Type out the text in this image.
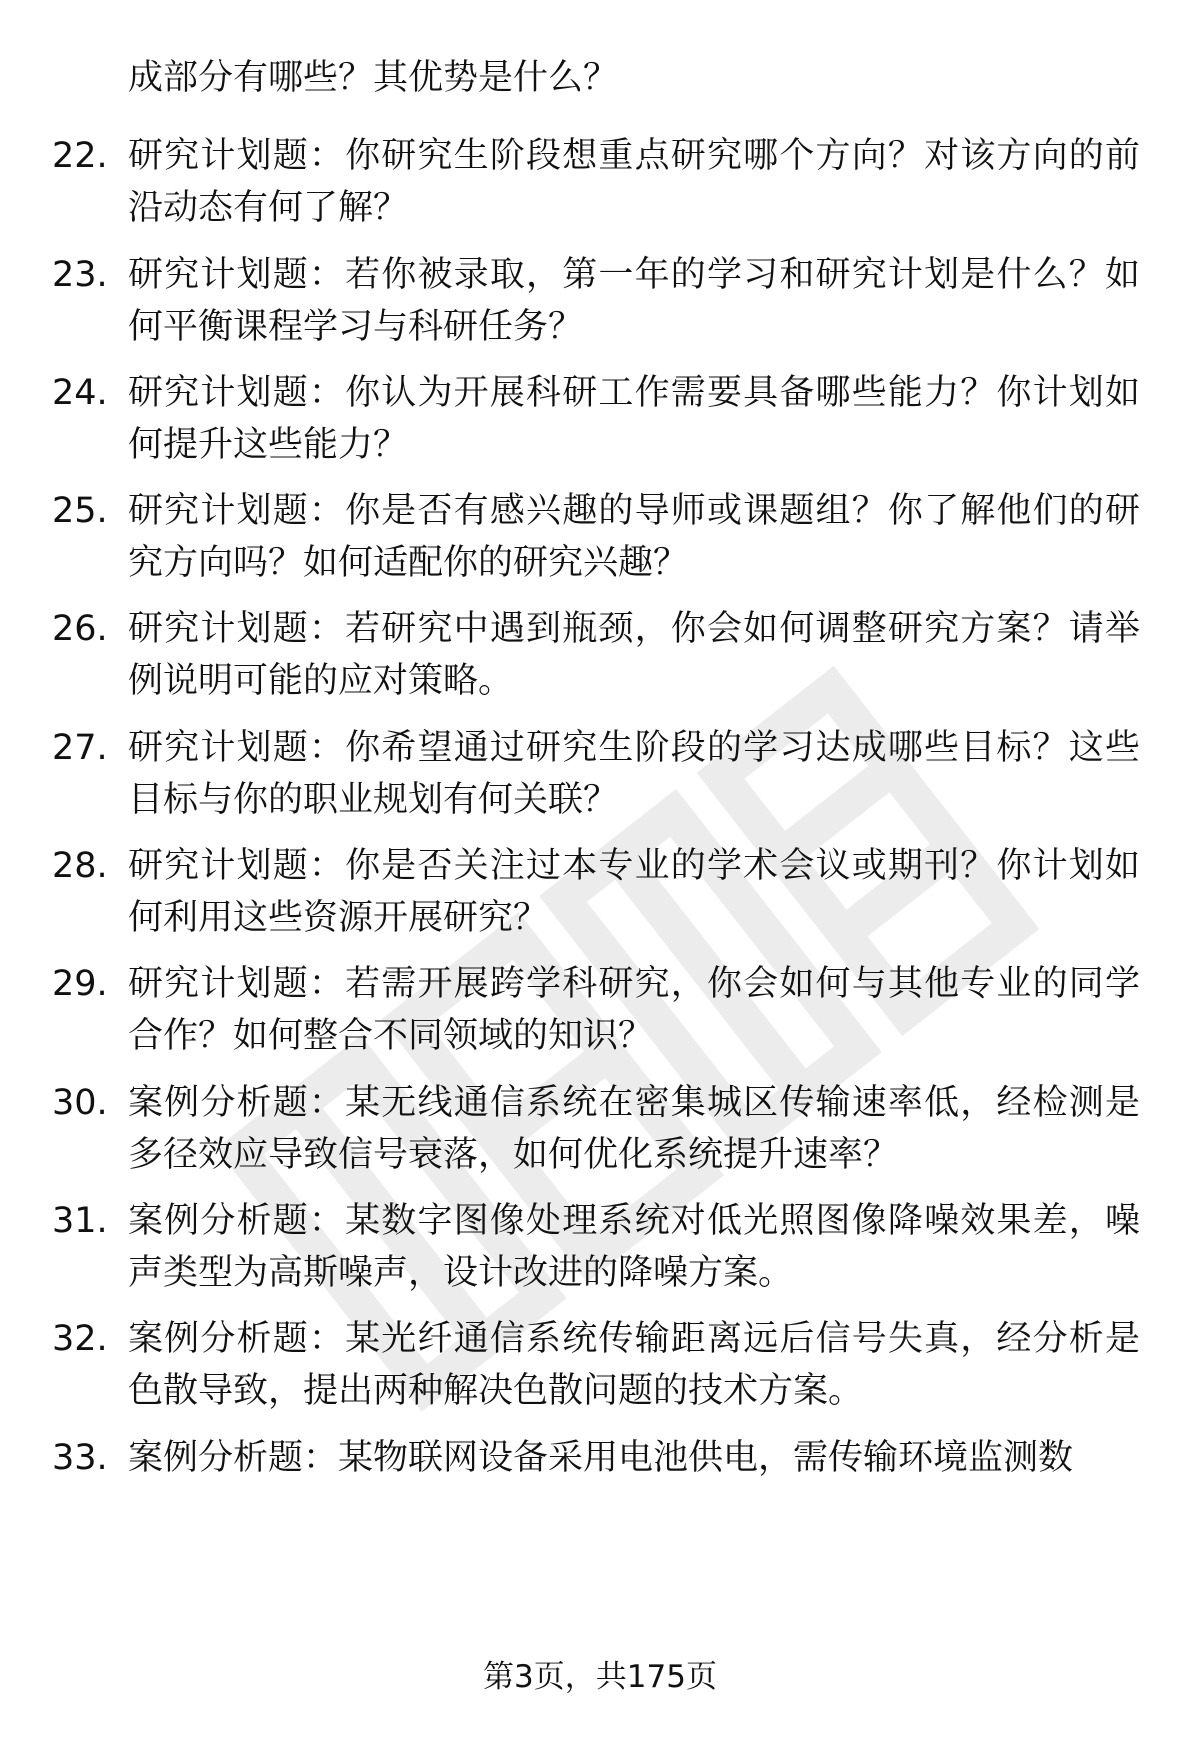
成部分有哪些？其优势是什么？
22. 研究计划题：你研究生阶段想重点研究哪个方向？对该方向的前沿动态有何了解？
23. 研究计划题：若你被录取，第一年的学习和研究计划是什么？如何平衡课程学习与科研任务？
24. 研究计划题：你认为开展科研工作需要具备哪些能力？你计划如何提升这些能力？
25. 研究计划题：你是否有感兴趣的导师或课题组？你了解他们的研究方向吗？如何适配你的研究兴趣？
26. 研究计划题：若研究中遇到瓶颈，你会如何调整研究方案？请举例说明可能的应对策略。
27. 研究计划题：你希望通过研究生阶段的学习达成哪些目标？这些目标与你的职业规划有何关联？
28. 研究计划题：你是否关注过本专业的学术会议或期刊？你计划如何利用这些资源开展研究？
29. 研究计划题：若需开展跨学科研究，你会如何与其他专业的同学合作？如何整合不同领域的知识？
30. 案例分析题：某无线通信系统在密集城区传输速率低，经检测是多径效应导致信号衰落，如何优化系统提升速率？
31. 案例分析题：某数字图像处理系统对低光照图像降噪效果差，噪声类型为高斯噪声，设计改进的降噪方案。
32. 案例分析题：某光纤通信系统传输距离远后信号失真，经分析是色散导致，提出两种解决色散问题的技术方案。
33. 案例分析题：某物联网设备采用电池供电，需传输环境监测数
第3页，共175页
